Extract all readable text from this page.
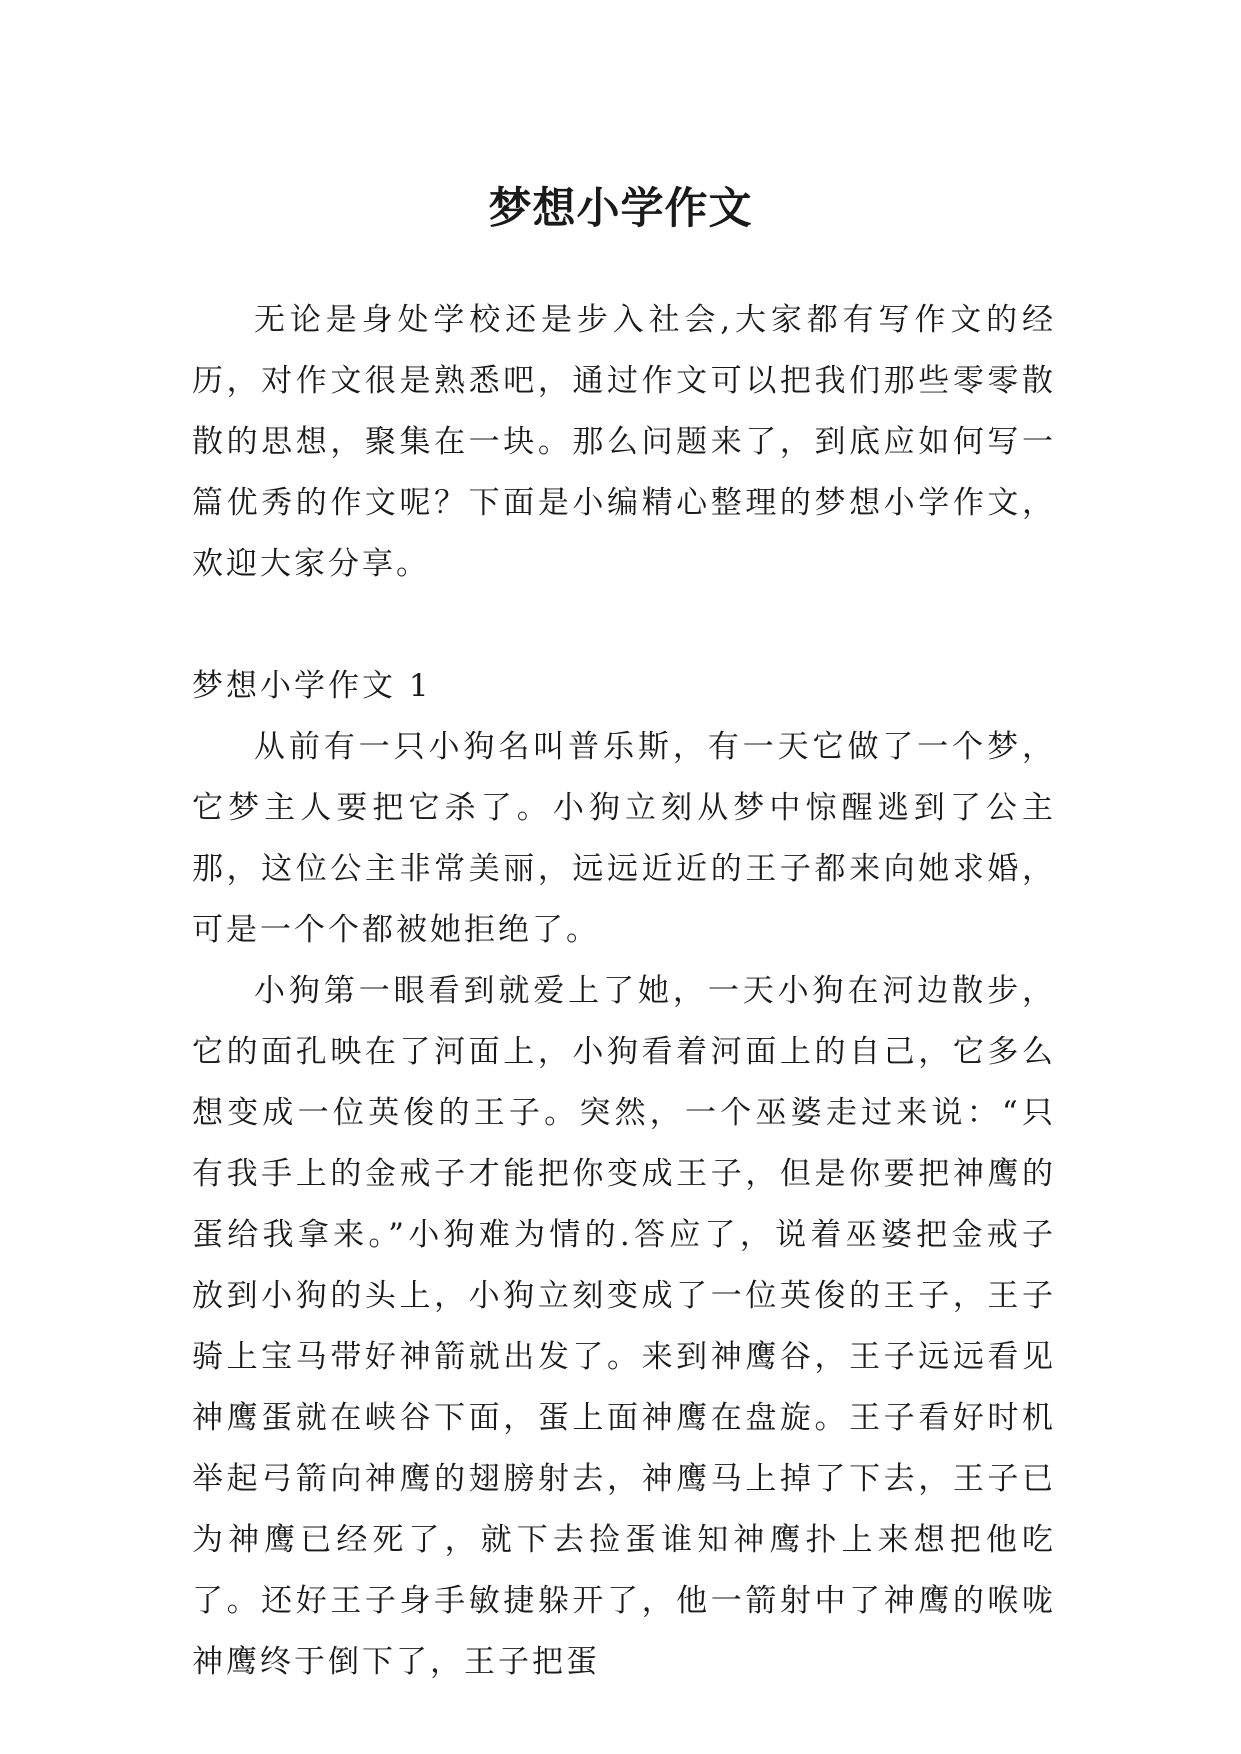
梦想小学作文

无论是身处学校还是步入社会,大家都有写作文的经历，对作文很是熟悉吧，通过作文可以把我们那些零零散散的思想，聚集在一块。那么问题来了，到底应如何写一篇优秀的作文呢？下面是小编精心整理的梦想小学作文，欢迎大家分享。

梦想小学作文 1

从前有一只小狗名叫普乐斯，有一天它做了一个梦，它梦主人要把它杀了。小狗立刻从梦中惊醒逃到了公主那，这位公主非常美丽，远远近近的王子都来向她求婚，可是一个个都被她拒绝了。

小狗第一眼看到就爱上了她，一天小狗在河边散步，它的面孔映在了河面上，小狗看着河面上的自己，它多么想变成一位英俊的王子。突然，一个巫婆走过来说：“只有我手上的金戒子才能把你变成王子，但是你要把神鹰的蛋给我拿来。”小狗难为情的.答应了，说着巫婆把金戒子放到小狗的头上，小狗立刻变成了一位英俊的王子，王子骑上宝马带好神箭就出发了。来到神鹰谷，王子远远看见神鹰蛋就在峡谷下面，蛋上面神鹰在盘旋。王子看好时机举起弓箭向神鹰的翅膀射去，神鹰马上掉了下去，王子已为神鹰已经死了，就下去捡蛋谁知神鹰扑上来想把他吃了。还好王子身手敏捷躲开了，他一箭射中了神鹰的喉咙神鹰终于倒下了，王子把蛋
